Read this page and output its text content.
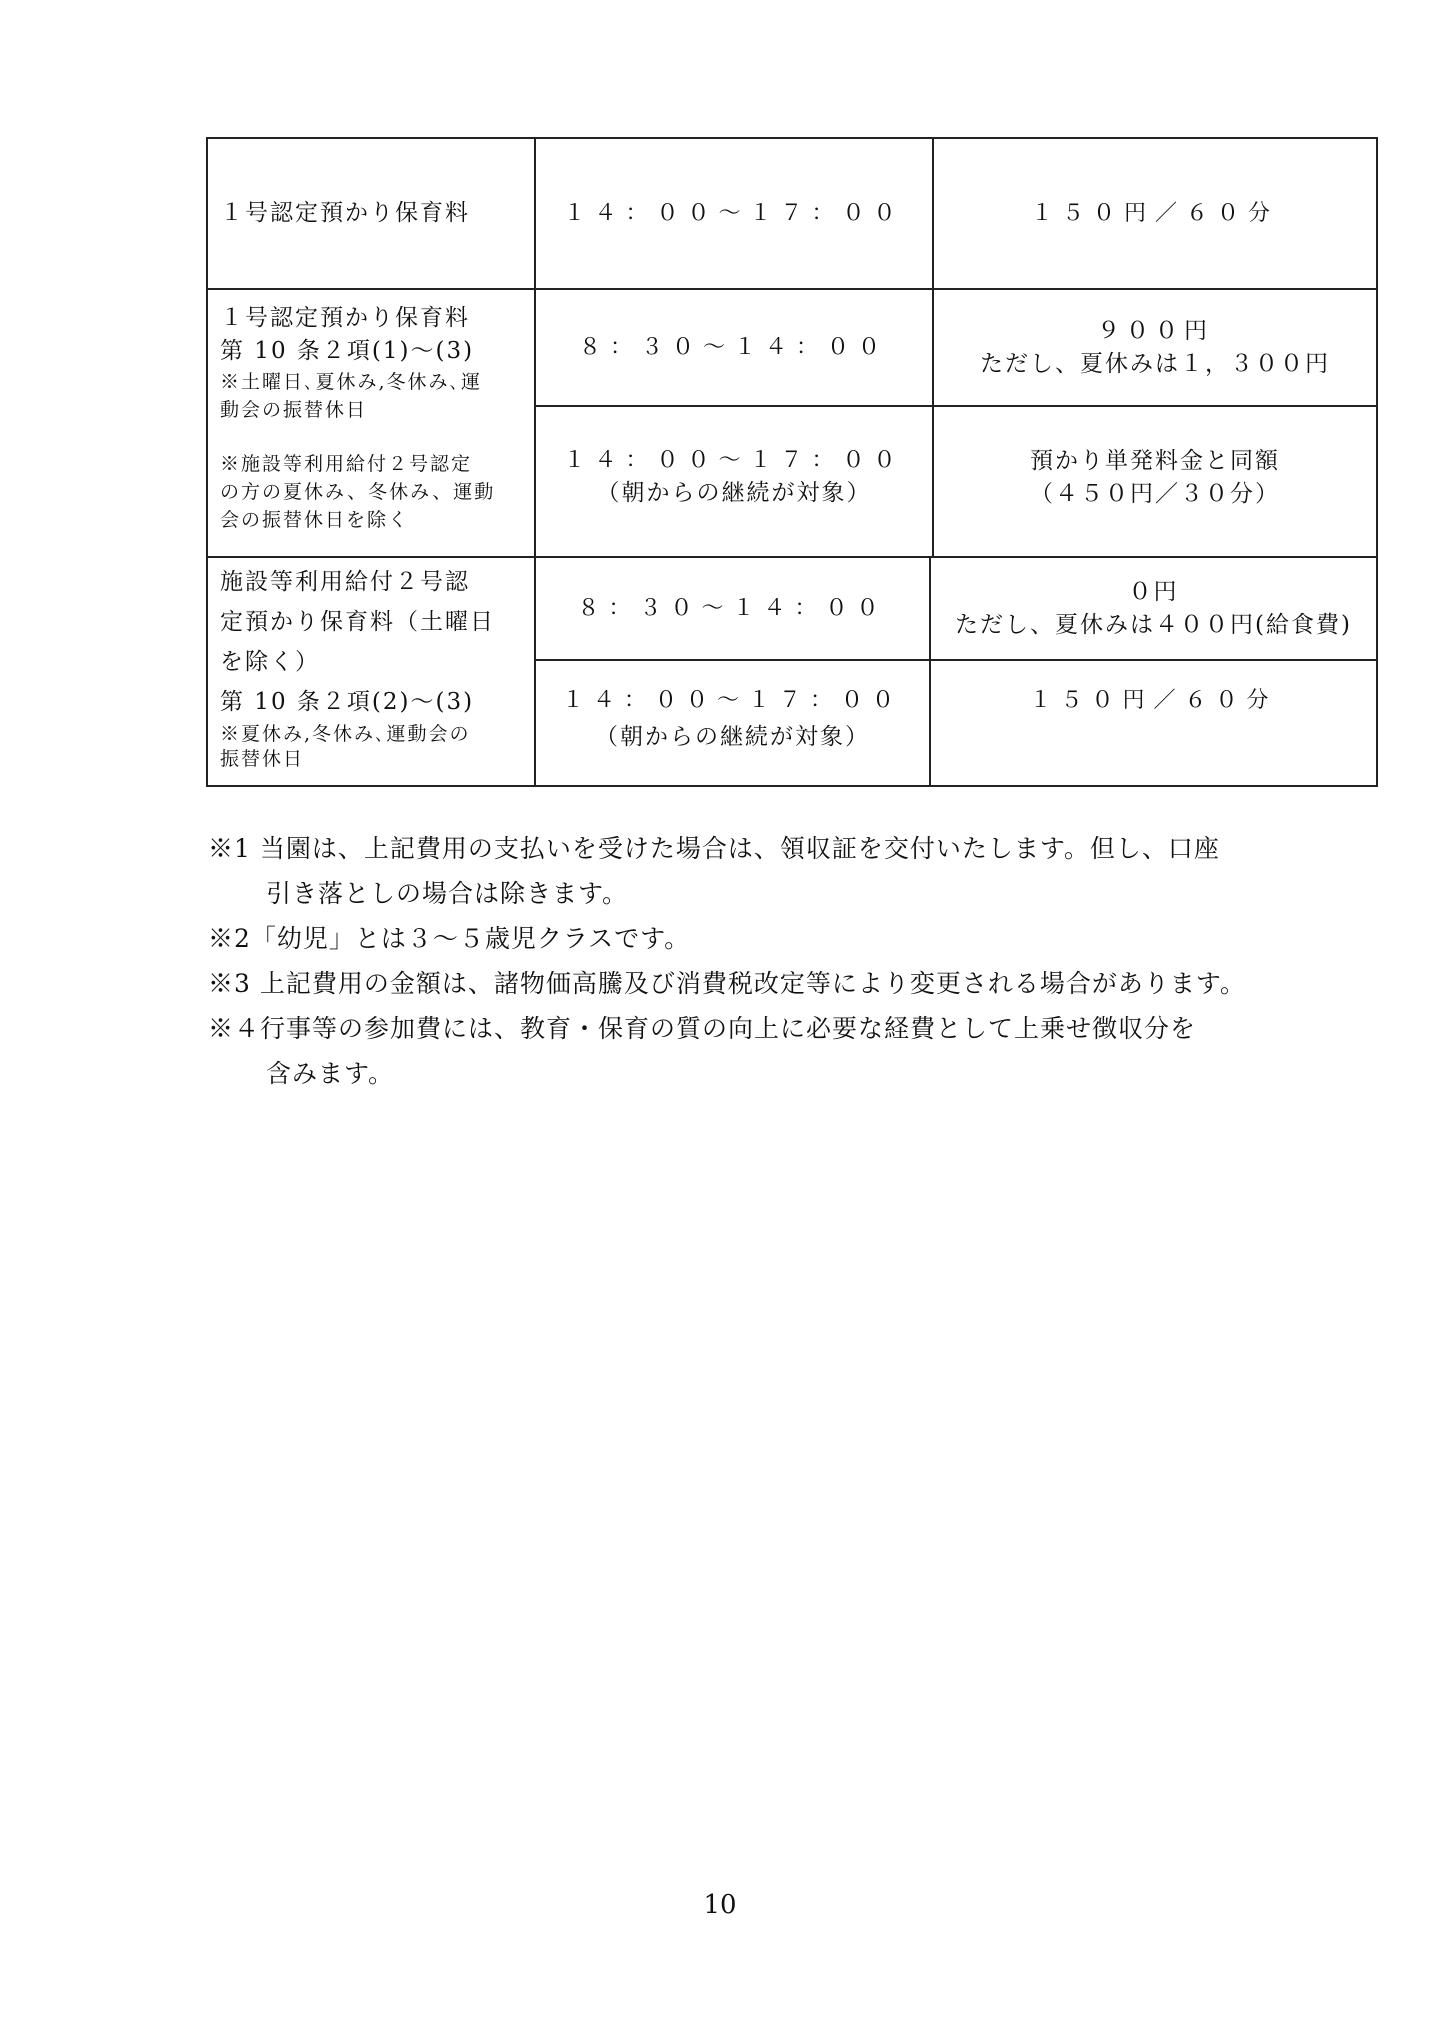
１号認定預かり保育料	１４：００～１７：００	１５０円／６０分
１号認定預かり保育料
第 10 条２項(1)～(3)
※土曜日､夏休み,冬休み､運
動会の振替休日
※施設等利用給付２号認定
の方の夏休み、冬休み、運動
会の振替休日を除く
８：３０～１４：００
９００円
ただし、夏休みは１，３００円
１４：００～１７：００
（朝からの継続が対象）
預かり単発料金と同額
（４５０円／３０分）
施設等利用給付２号認
定預かり保育料（土曜日
を除く）
第 10 条２項(2)～(3)
※夏休み,冬休み､運動会の
振替休日
８：３０～１４：００
０円
ただし、夏休みは４００円(給食費)
１４：００～１７：００
（朝からの継続が対象）
１５０円／６０分
※1 当園は、上記費用の支払いを受けた場合は、領収証を交付いたします。但し、口座
引き落としの場合は除きます。
※2「幼児」とは３～５歳児クラスです。
※3 上記費用の金額は、諸物価高騰及び消費税改定等により変更される場合があります。
※４行事等の参加費には、教育・保育の質の向上に必要な経費として上乗せ徴収分を
含みます。
10
